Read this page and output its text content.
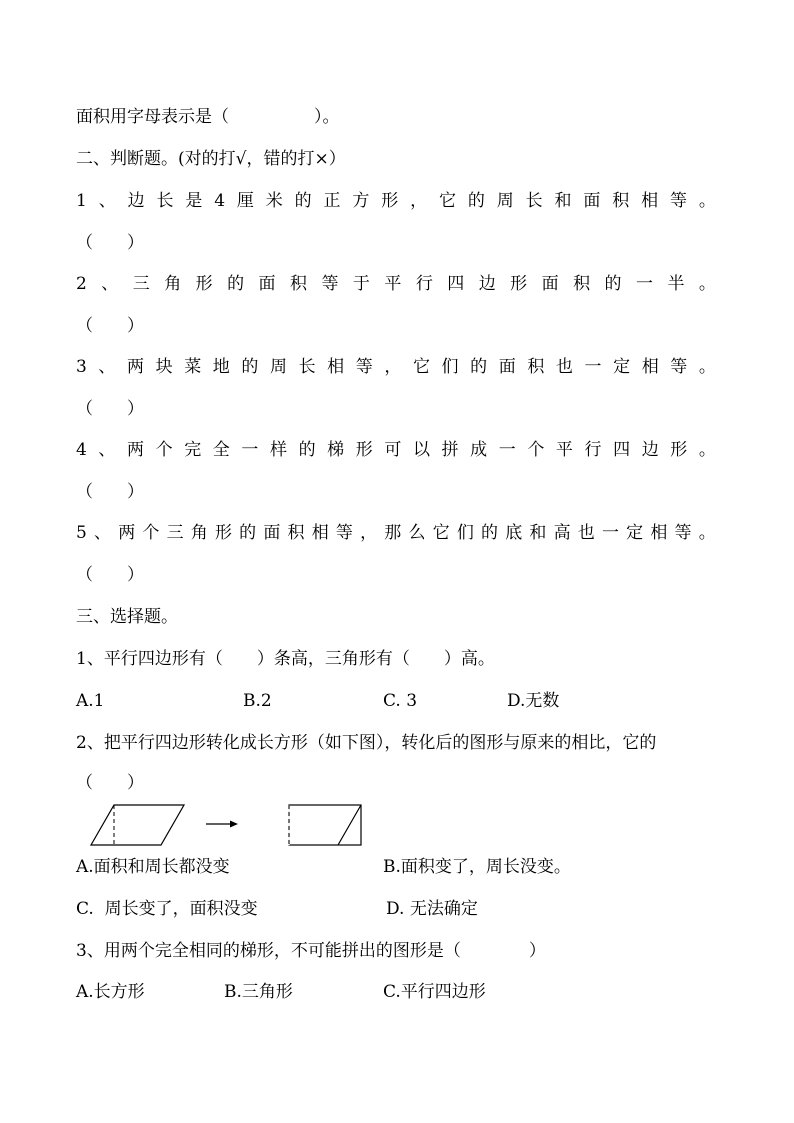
面积用字母表示是（　　　　　）。
二、判断题。(对的打√，错的打×）
1 、 边 长 是 4 厘 米 的 正 方 形 ， 它 的 周 长 和 面 积 相 等 。
（　　）
2 、 三 角 形 的 面 积 等 于 平 行 四 边 形 面 积 的 一 半 。
（　　）
3 、 两 块 菜 地 的 周 长 相 等 ， 它 们 的 面 积 也 一 定 相 等 。
（　　）
4 、 两 个 完 全 一 样 的 梯 形 可 以 拼 成 一 个 平 行 四 边 形 。
（　　）
5 、 两 个 三 角 形 的 面 积 相 等 ， 那 么 它 们 的 底 和 高 也 一 定 相 等 。
（　　）
三、选择题。
1、平行四边形有（　　）条高，三角形有（　　）高。
A.1	B.2	C. 3	D.无数
2、把平行四边形转化成长方形（如下图），转化后的图形与原来的相比，它的
（　　）
A.面积和周长都没变	B.面积变了，周长没变。
C.  周长变了，面积没变	D. 无法确定
3、用两个完全相同的梯形，不可能拼出的图形是（　　　　）
A.长方形	B.三角形	C.平行四边形
